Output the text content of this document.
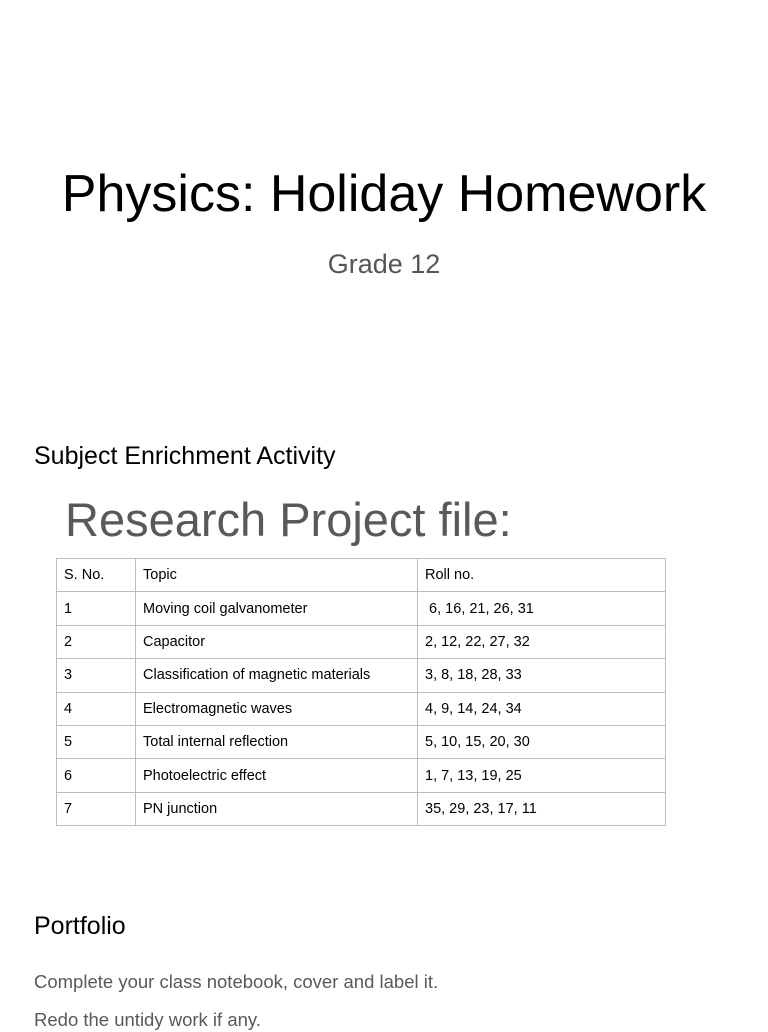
Physics: Holiday Homework
Grade 12
Subject Enrichment Activity
Research Project file:
S. No.	Topic	Roll no.
1	Moving coil galvanometer	6, 16, 21, 26, 31
2	Capacitor	2, 12, 22, 27, 32
3	Classification of magnetic materials	3, 8, 18, 28, 33
4	Electromagnetic waves	4, 9, 14, 24, 34
5	Total internal reflection	5, 10, 15, 20, 30
6	Photoelectric effect	1, 7, 13, 19, 25
7	PN junction	35, 29, 23, 17, 11
Portfolio
Complete your class notebook, cover and label it.
Redo the untidy work if any.
